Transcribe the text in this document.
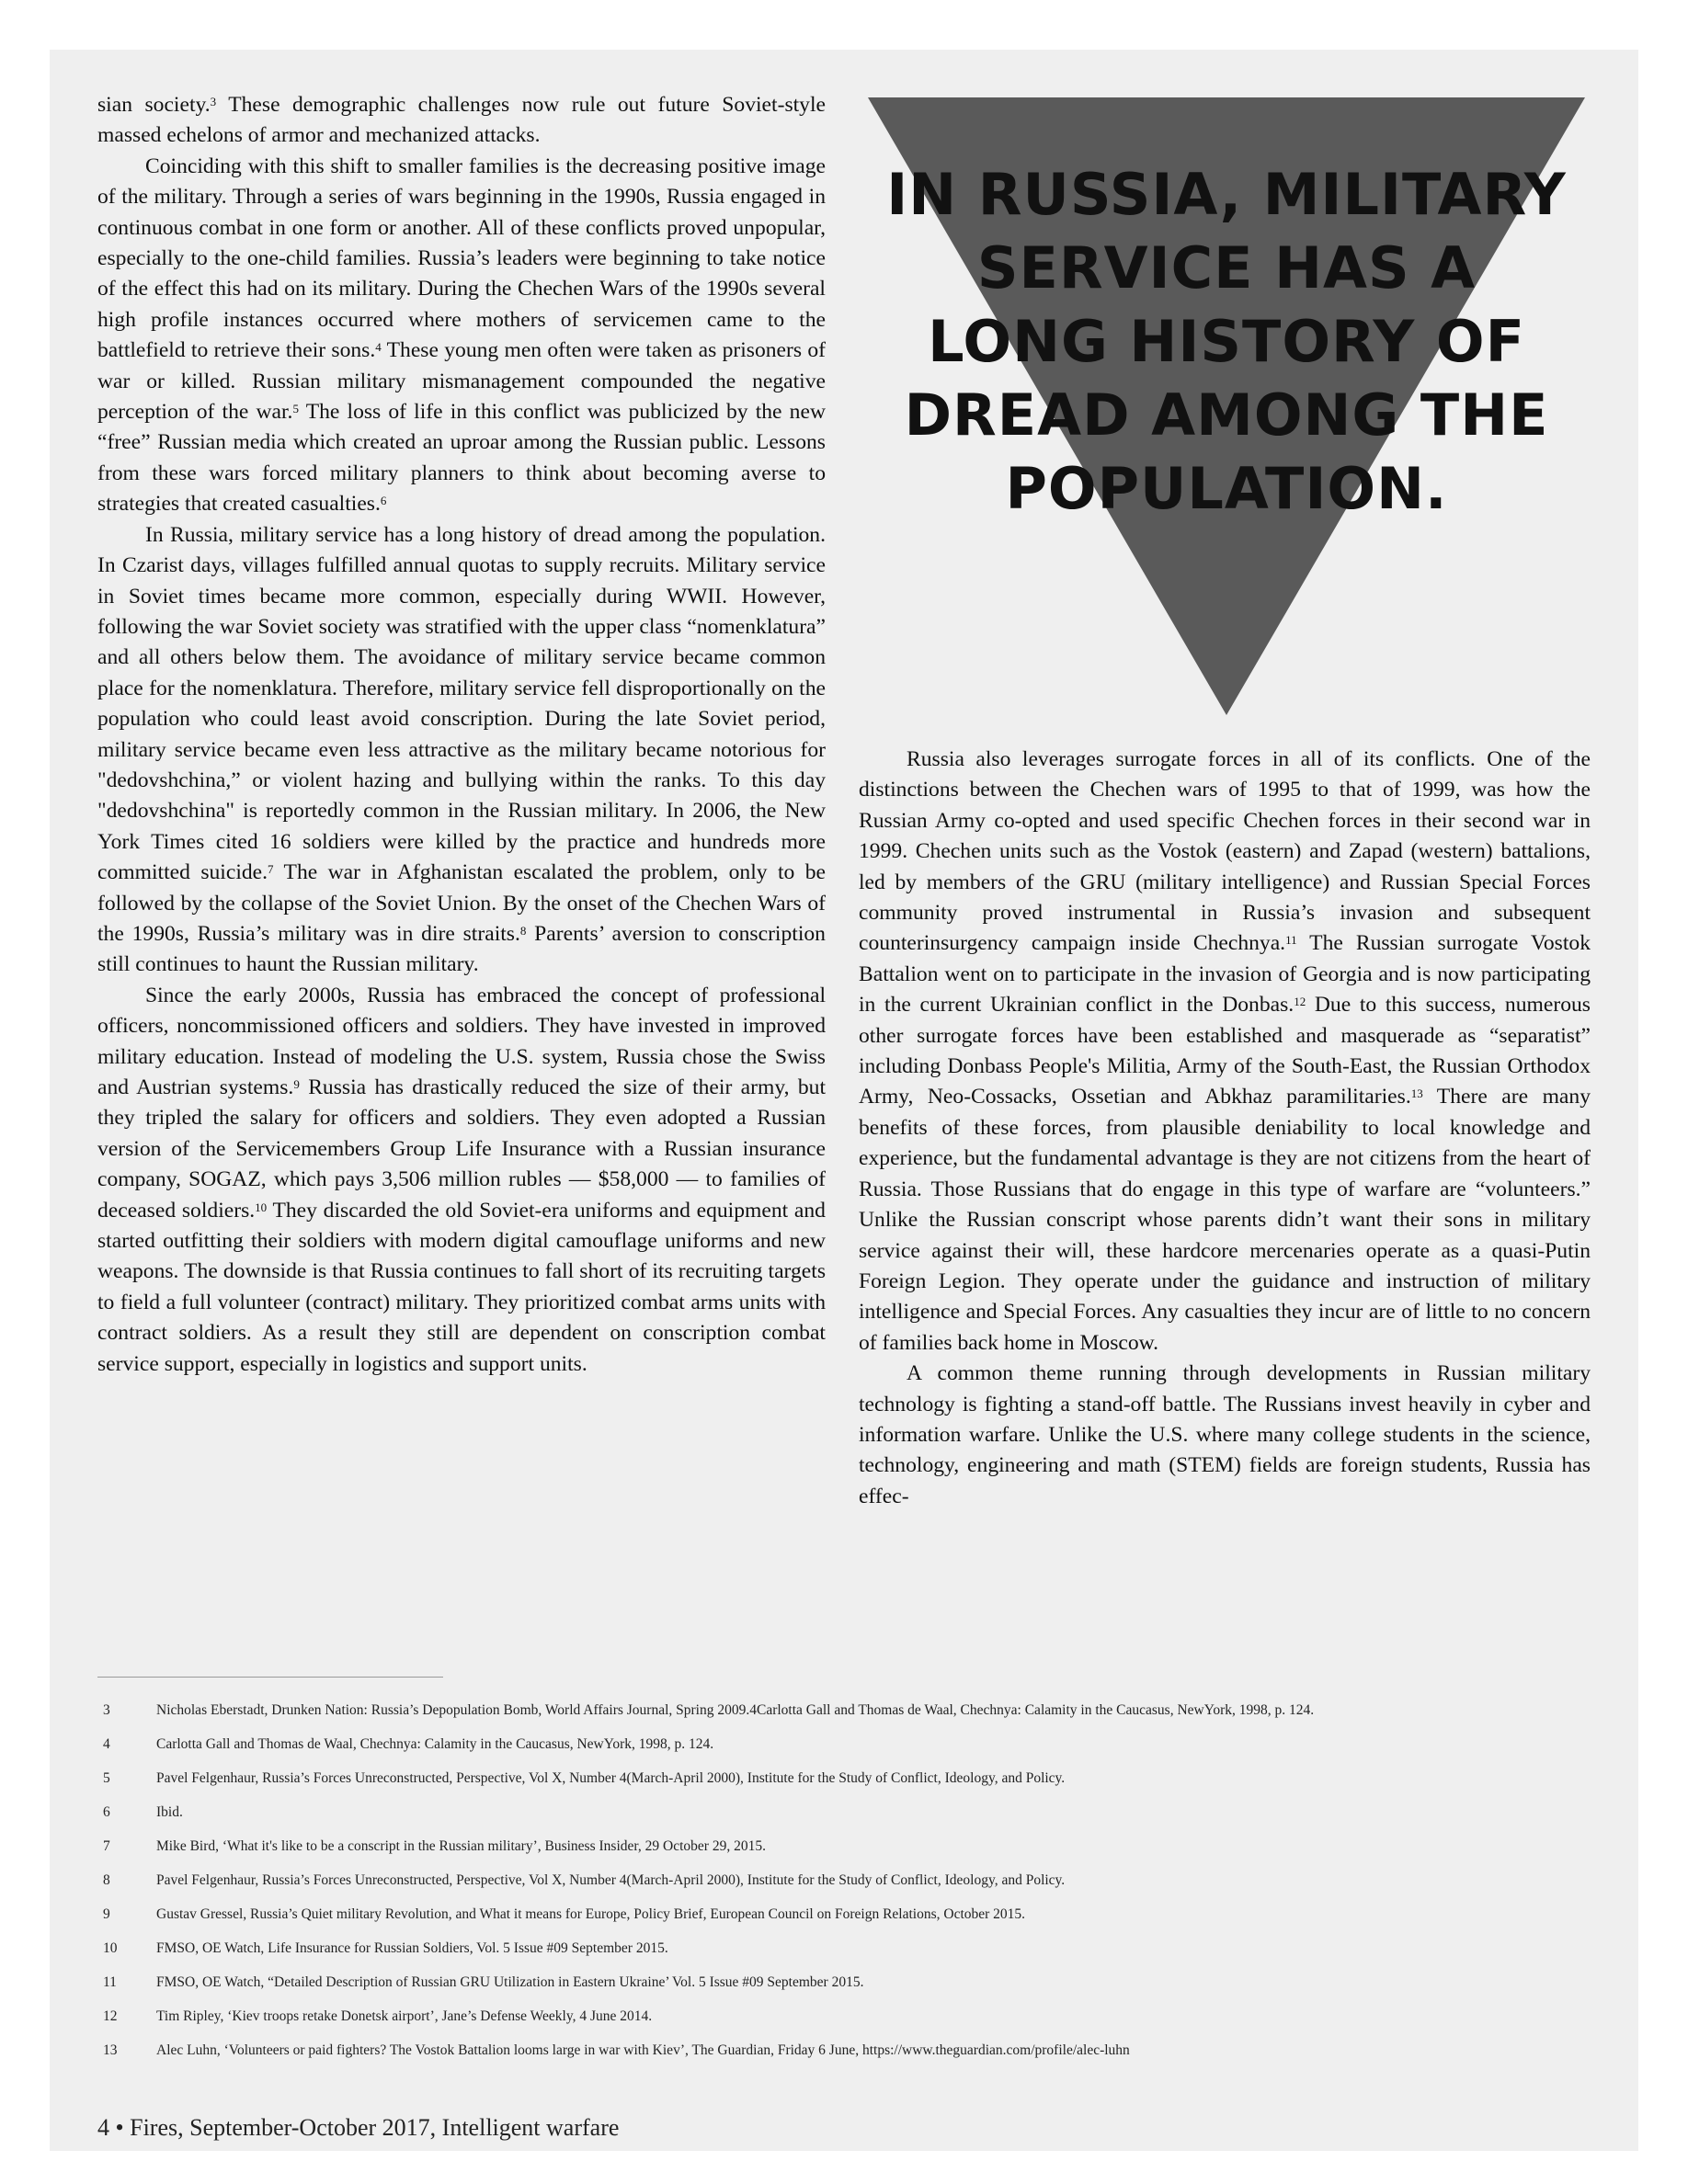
sian society.$^3$ These demographic challenges now rule out future Soviet-style massed echelons of armor and mechanized attacks.

Coinciding with this shift to smaller families is the decreasing positive image of the military. Through a series of wars beginning in the 1990s, Russia engaged in continuous combat in one form or another. All of these conflicts proved unpopular, especially to the one-child families. Russia’s leaders were beginning to take notice of the effect this had on its military. During the Chechen Wars of the 1990s several high profile instances occurred where mothers of servicemen came to the battlefield to retrieve their sons.$^4$ These young men often were taken as prisoners of war or killed. Russian military mismanagement compounded the negative perception of the war.$^5$ The loss of life in this conflict was publicized by the new “free” Russian media which created an uproar among the Russian public. Lessons from these wars forced military planners to think about becoming averse to strategies that created casualties.$^6$

In Russia, military service has a long history of dread among the population. In Czarist days, villages fulfilled annual quotas to supply recruits. Military service in Soviet times became more common, especially during WWII. However, following the war Soviet society was stratified with the upper class “nomenklatura” and all others below them. The avoidance of military service became common place for the nomenklatura. Therefore, military service fell disproportionally on the population who could least avoid conscription. During the late Soviet period, military service became even less attractive as the military became notorious for "dedovshchina,” or violent hazing and bullying within the ranks. To this day "dedovshchina" is reportedly common in the Russian military. In 2006, the New York Times cited 16 soldiers were killed by the practice and hundreds more committed suicide.$^7$ The war in Afghanistan escalated the problem, only to be followed by the collapse of the Soviet Union. By the onset of the Chechen Wars of the 1990s, Russia’s military was in dire straits.$^8$ Parents’ aversion to conscription still continues to haunt the Russian military.

Since the early 2000s, Russia has embraced the concept of professional officers, noncommissioned officers and soldiers. They have invested in improved military education. Instead of modeling the U.S. system, Russia chose the Swiss and Austrian systems.$^9$ Russia has drastically reduced the size of their army, but they tripled the salary for officers and soldiers. They even adopted a Russian version of the Servicemembers Group Life Insurance with a Russian insurance company, SOGAZ, which pays 3,506 million rubles — $58,000 — to families of deceased soldiers.$^{10}$ They discarded the old Soviet-era uniforms and equipment and started outfitting their soldiers with modern digital camouflage uniforms and new weapons. The downside is that Russia continues to fall short of its recruiting targets to field a full volunteer (contract) military. They prioritized combat arms units with contract soldiers. As a result they still are dependent on conscription combat service support, especially in logistics and support units.

IN RUSSIA, MILITARY
SERVICE HAS A
LONG HISTORY OF
DREAD AMONG THE
POPULATION.

Russia also leverages surrogate forces in all of its conflicts. One of the distinctions between the Chechen wars of 1995 to that of 1999, was how the Russian Army co-opted and used specific Chechen forces in their second war in 1999. Chechen units such as the Vostok (eastern) and Zapad (western) battalions, led by members of the GRU (military intelligence) and Russian Special Forces community proved instrumental in Russia’s invasion and subsequent counterinsurgency campaign inside Chechnya.$^{11}$ The Russian surrogate Vostok Battalion went on to participate in the invasion of Georgia and is now participating in the current Ukrainian conflict in the Donbas.$^{12}$ Due to this success, numerous other surrogate forces have been established and masquerade as “separatist” including Donbass People's Militia, Army of the South-East, the Russian Orthodox Army, Neo-Cossacks, Ossetian and Abkhaz paramilitaries.$^{13}$ There are many benefits of these forces, from plausible deniability to local knowledge and experience, but the fundamental advantage is they are not citizens from the heart of Russia. Those Russians that do engage in this type of warfare are “volunteers.” Unlike the Russian conscript whose parents didn’t want their sons in military service against their will, these hardcore mercenaries operate as a quasi-Putin Foreign Legion. They operate under the guidance and instruction of military intelligence and Special Forces. Any casualties they incur are of little to no concern of families back home in Moscow.

A common theme running through developments in Russian military technology is fighting a stand-off battle. The Russians invest heavily in cyber and information warfare. Unlike the U.S. where many college students in the science, technology, engineering and math (STEM) fields are foreign students, Russia has effec-

3	Nicholas Eberstadt, Drunken Nation: Russia’s Depopulation Bomb, World Affairs Journal, Spring 2009.4Carlotta Gall and Thomas de Waal, Chechnya: Calamity in the Caucasus, NewYork, 1998, p. 124.
4	Carlotta Gall and Thomas de Waal, Chechnya: Calamity in the Caucasus, NewYork, 1998, p. 124.
5	Pavel Felgenhaur, Russia’s Forces Unreconstructed, Perspective, Vol X, Number 4(March-April 2000), Institute for the Study of Conflict, Ideology, and Policy.
6	Ibid.
7	Mike Bird, ‘What it's like to be a conscript in the Russian military’, Business Insider, 29 October 29, 2015.
8	Pavel Felgenhaur, Russia’s Forces Unreconstructed, Perspective, Vol X, Number 4(March-April 2000), Institute for the Study of Conflict, Ideology, and Policy.
9	Gustav Gressel, Russia’s Quiet military Revolution, and What it means for Europe, Policy Brief, European Council on Foreign Relations, October 2015.
10	FMSO, OE Watch, Life Insurance for Russian Soldiers, Vol. 5 Issue #09 September 2015.
11	FMSO, OE Watch, “Detailed Description of Russian GRU Utilization in Eastern Ukraine’ Vol. 5 Issue #09 September 2015.
12	Tim Ripley, ‘Kiev troops retake Donetsk airport’, Jane’s Defense Weekly, 4 June 2014.
13	Alec Luhn, ‘Volunteers or paid fighters? The Vostok Battalion looms large in war with Kiev’, The Guardian, Friday 6 June, https://www.theguardian.com/profile/alec-luhn
4 • Fires, September-October 2017, Intelligent warfare
